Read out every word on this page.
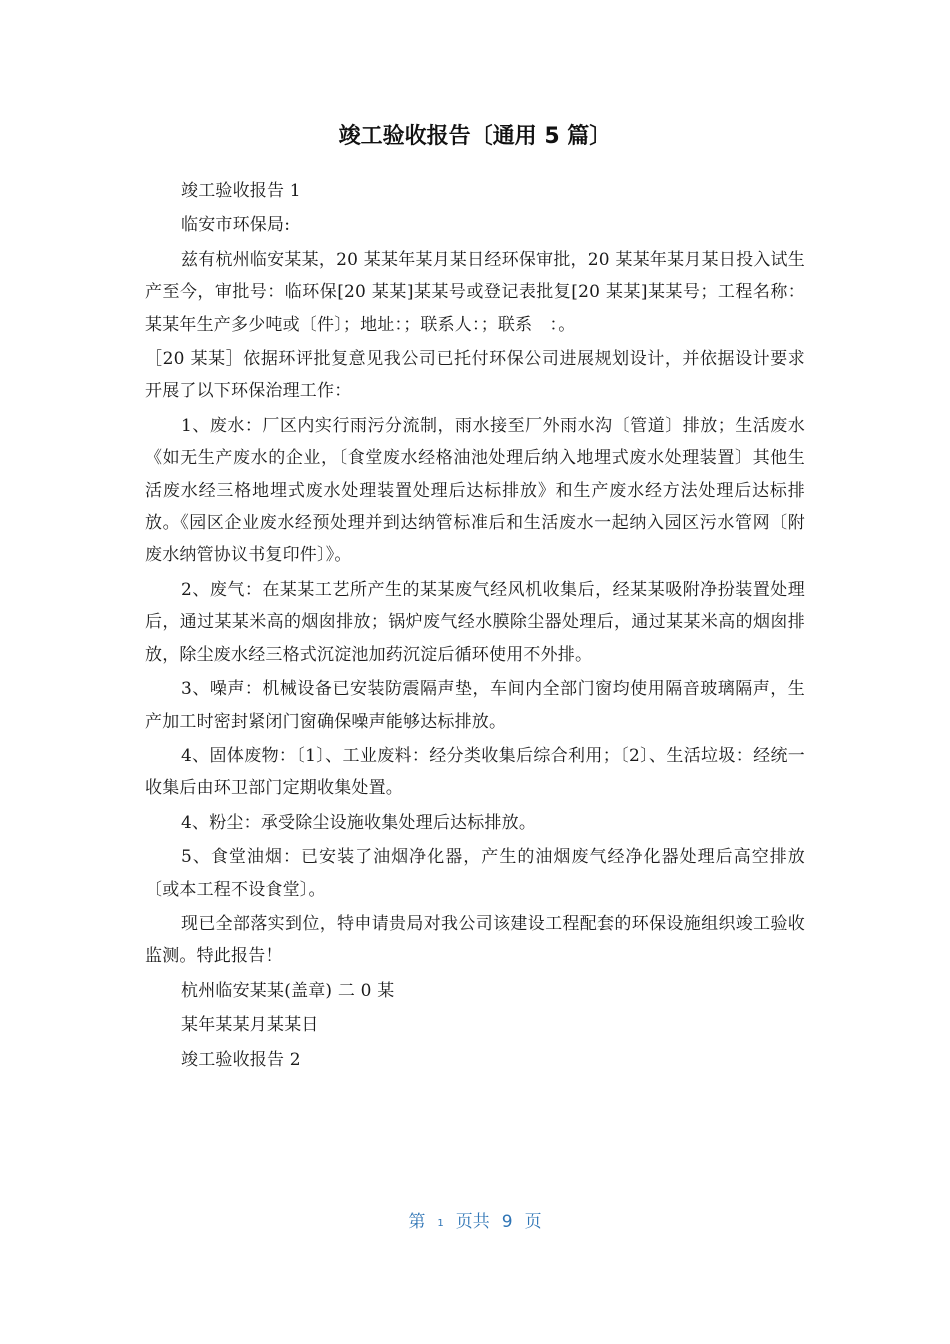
竣工验收报告〔通用 5 篇〕

竣工验收报告 1

临安市环保局:

兹有杭州临安某某，20 某某年某月某日经环保审批，20 某某年某月某日投入试生产至今，审批号：临环保[20 某某]某某号或登记表批复[20 某某]某某号；工程名称：某某年生产多少吨或〔件〕；地址：；联系人：；联系　：。

［20 某某］依据环评批复意见我公司已托付环保公司进展规划设计，并依据设计要求开展了以下环保治理工作：

1、废水：厂区内实行雨污分流制，雨水接至厂外雨水沟〔管道〕排放；生活废水《如无生产废水的企业，〔食堂废水经格油池处理后纳入地埋式废水处理装置〕其他生活废水经三格地埋式废水处理装置处理后达标排放》和生产废水经方法处理后达标排放。《园区企业废水经预处理并到达纳管标准后和生活废水一起纳入园区污水管网〔附废水纳管协议书复印件〕》。

2、废气：在某某工艺所产生的某某废气经风机收集后，经某某吸附净扮装置处理后，通过某某米高的烟囱排放；锅炉废气经水膜除尘器处理后，通过某某米高的烟囱排放，除尘废水经三格式沉淀池加药沉淀后循环使用不外排。

3、噪声：机械设备已安装防震隔声垫，车间内全部门窗均使用隔音玻璃隔声，生产加工时密封紧闭门窗确保噪声能够达标排放。

4、固体废物：〔1〕、工业废料：经分类收集后综合利用；〔2〕、生活垃圾：经统一收集后由环卫部门定期收集处置。

4、粉尘：承受除尘设施收集处理后达标排放。

5、食堂油烟：已安装了油烟净化器，产生的油烟废气经净化器处理后高空排放〔或本工程不设食堂〕。

现已全部落实到位，特申请贵局对我公司该建设工程配套的环保设施组织竣工验收监测。特此报告！

杭州临安某某(盖章) 二 0 某

某年某某月某某日

竣工验收报告 2

第 1 页共 9 页
